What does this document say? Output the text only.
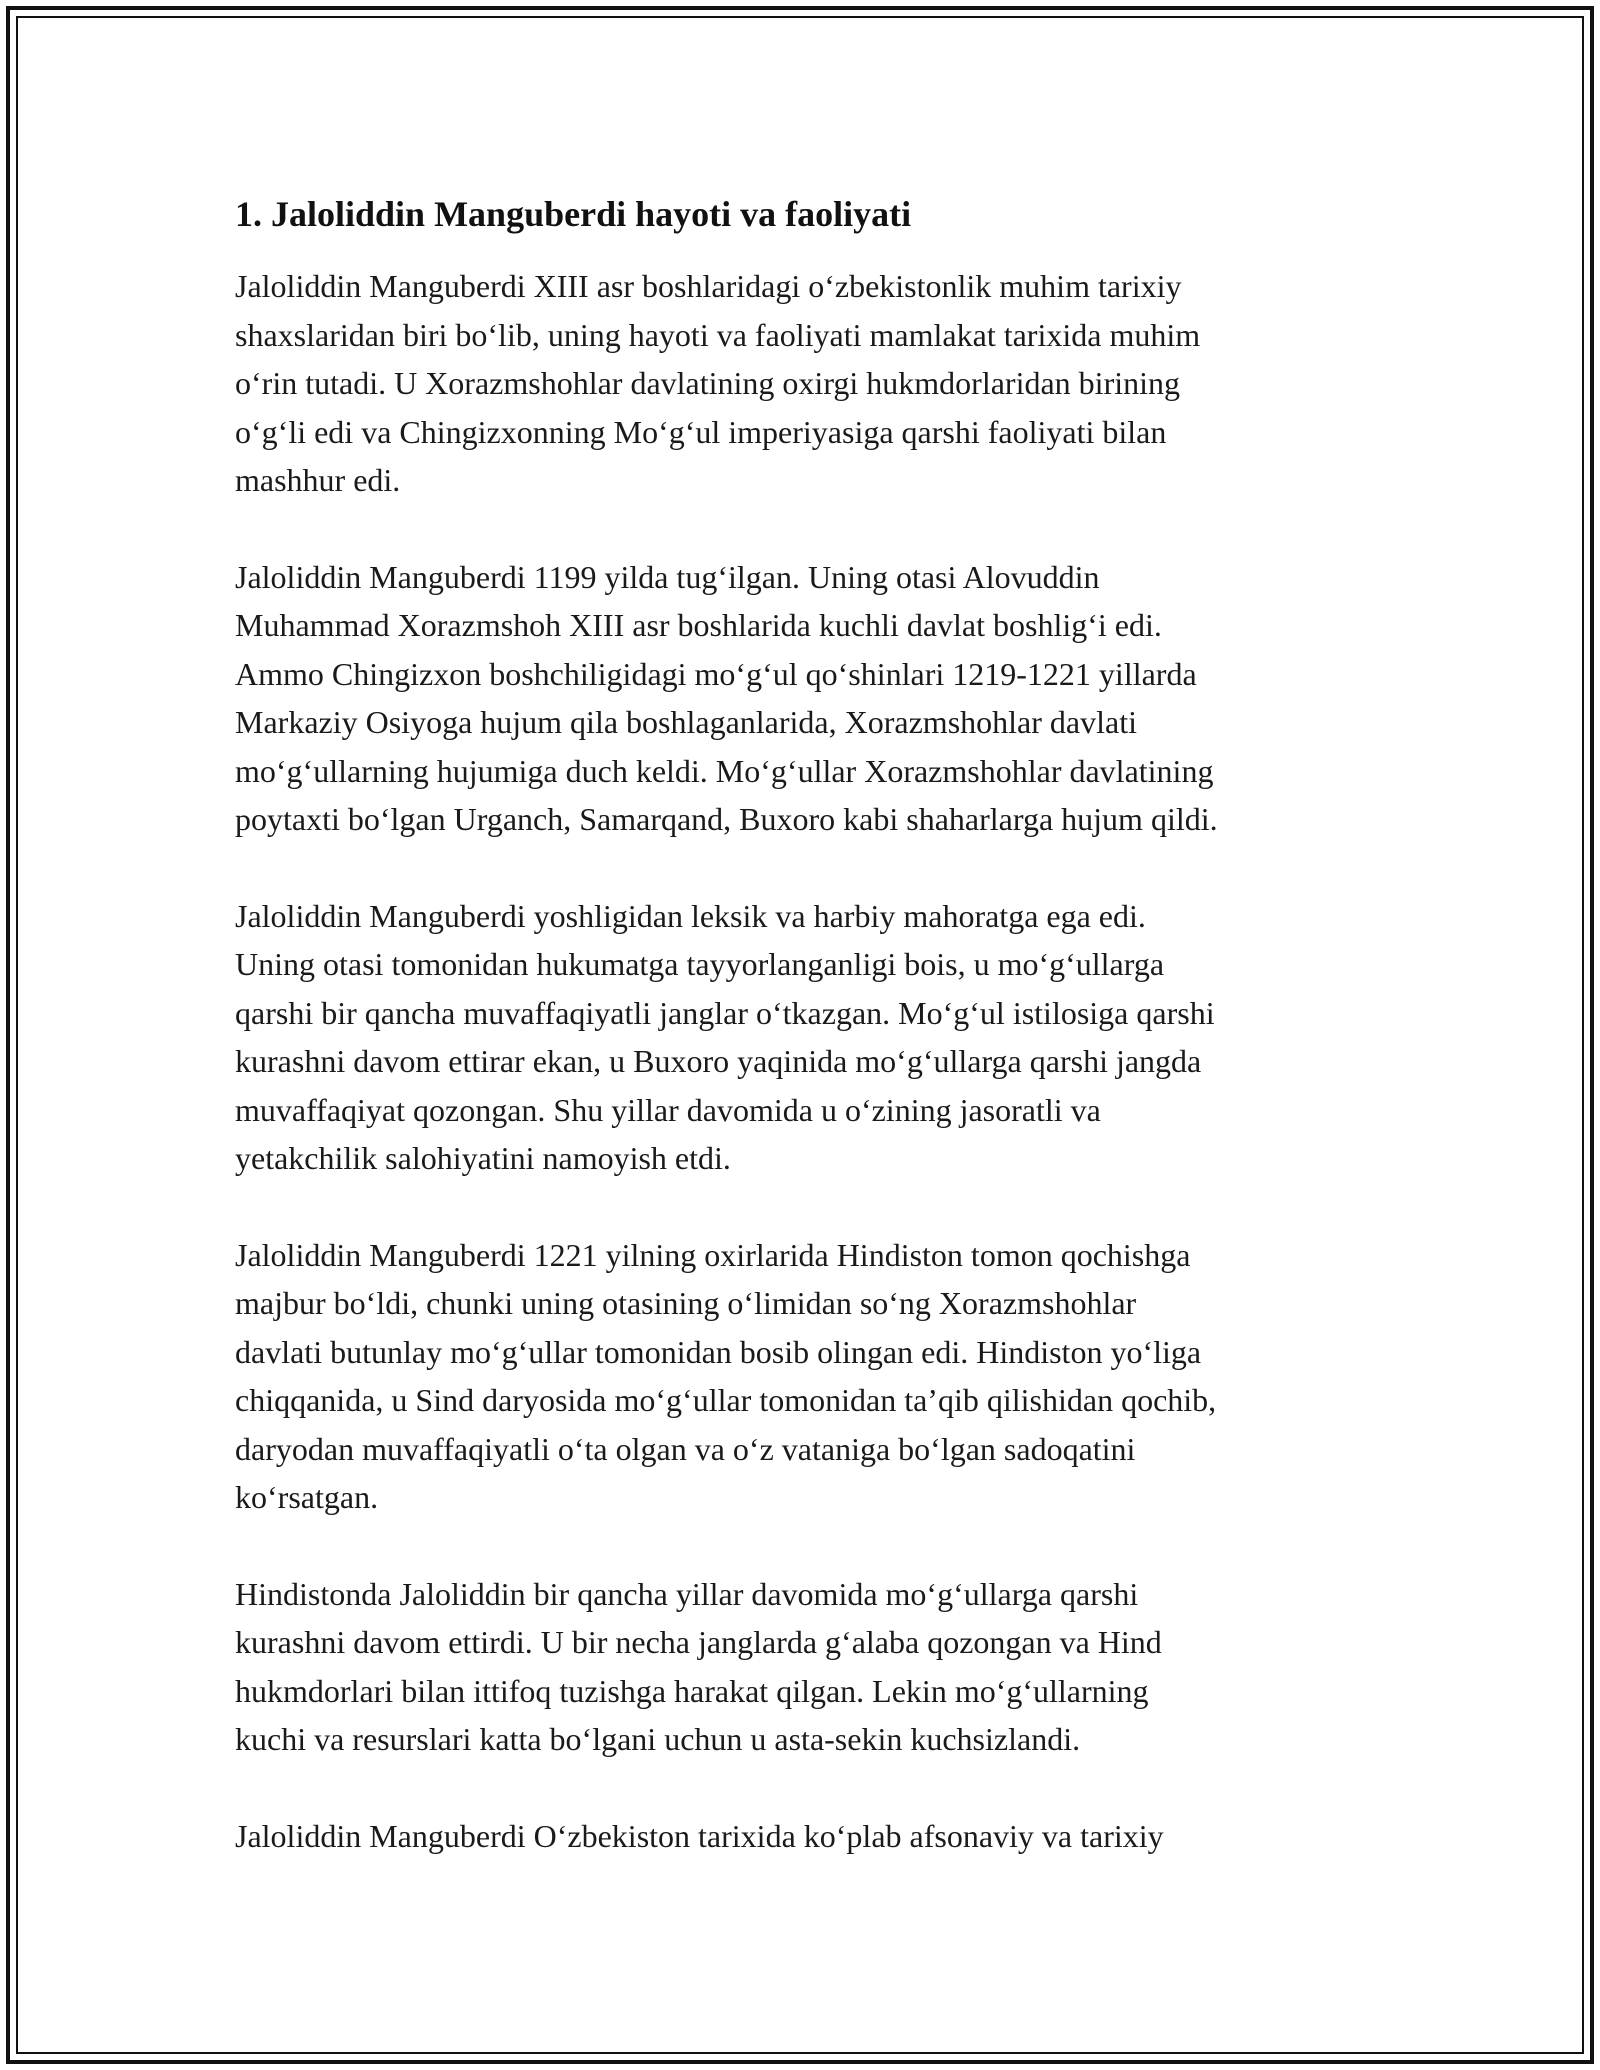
1. Jaloliddin Manguberdi hayoti va faoliyati

Jaloliddin Manguberdi XIII asr boshlaridagi o‘zbekistonlik muhim tarixiy
shaxslaridan biri bo‘lib, uning hayoti va faoliyati mamlakat tarixida muhim
o‘rin tutadi. U Xorazmshohlar davlatining oxirgi hukmdorlaridan birining
o‘g‘li edi va Chingizxonning Mo‘g‘ul imperiyasiga qarshi faoliyati bilan
mashhur edi.

Jaloliddin Manguberdi 1199 yilda tug‘ilgan. Uning otasi Alovuddin
Muhammad Xorazmshoh XIII asr boshlarida kuchli davlat boshlig‘i edi.
Ammo Chingizxon boshchiligidagi mo‘g‘ul qo‘shinlari 1219-1221 yillarda
Markaziy Osiyoga hujum qila boshlaganlarida, Xorazmshohlar davlati
mo‘g‘ullarning hujumiga duch keldi. Mo‘g‘ullar Xorazmshohlar davlatining
poytaxti bo‘lgan Urganch, Samarqand, Buxoro kabi shaharlarga hujum qildi.

Jaloliddin Manguberdi yoshligidan leksik va harbiy mahoratga ega edi.
Uning otasi tomonidan hukumatga tayyorlanganligi bois, u mo‘g‘ullarga
qarshi bir qancha muvaffaqiyatli janglar o‘tkazgan. Mo‘g‘ul istilosiga qarshi
kurashni davom ettirar ekan, u Buxoro yaqinida mo‘g‘ullarga qarshi jangda
muvaffaqiyat qozongan. Shu yillar davomida u o‘zining jasoratli va
yetakchilik salohiyatini namoyish etdi.

Jaloliddin Manguberdi 1221 yilning oxirlarida Hindiston tomon qochishga
majbur bo‘ldi, chunki uning otasining o‘limidan so‘ng Xorazmshohlar
davlati butunlay mo‘g‘ullar tomonidan bosib olingan edi. Hindiston yo‘liga
chiqqanida, u Sind daryosida mo‘g‘ullar tomonidan ta’qib qilishidan qochib,
daryodan muvaffaqiyatli o‘ta olgan va o‘z vataniga bo‘lgan sadoqatini
ko‘rsatgan.

Hindistonda Jaloliddin bir qancha yillar davomida mo‘g‘ullarga qarshi
kurashni davom ettirdi. U bir necha janglarda g‘alaba qozongan va Hind
hukmdorlari bilan ittifoq tuzishga harakat qilgan. Lekin mo‘g‘ullarning
kuchi va resurslari katta bo‘lgani uchun u asta-sekin kuchsizlandi.

Jaloliddin Manguberdi O‘zbekiston tarixida ko‘plab afsonaviy va tarixiy
